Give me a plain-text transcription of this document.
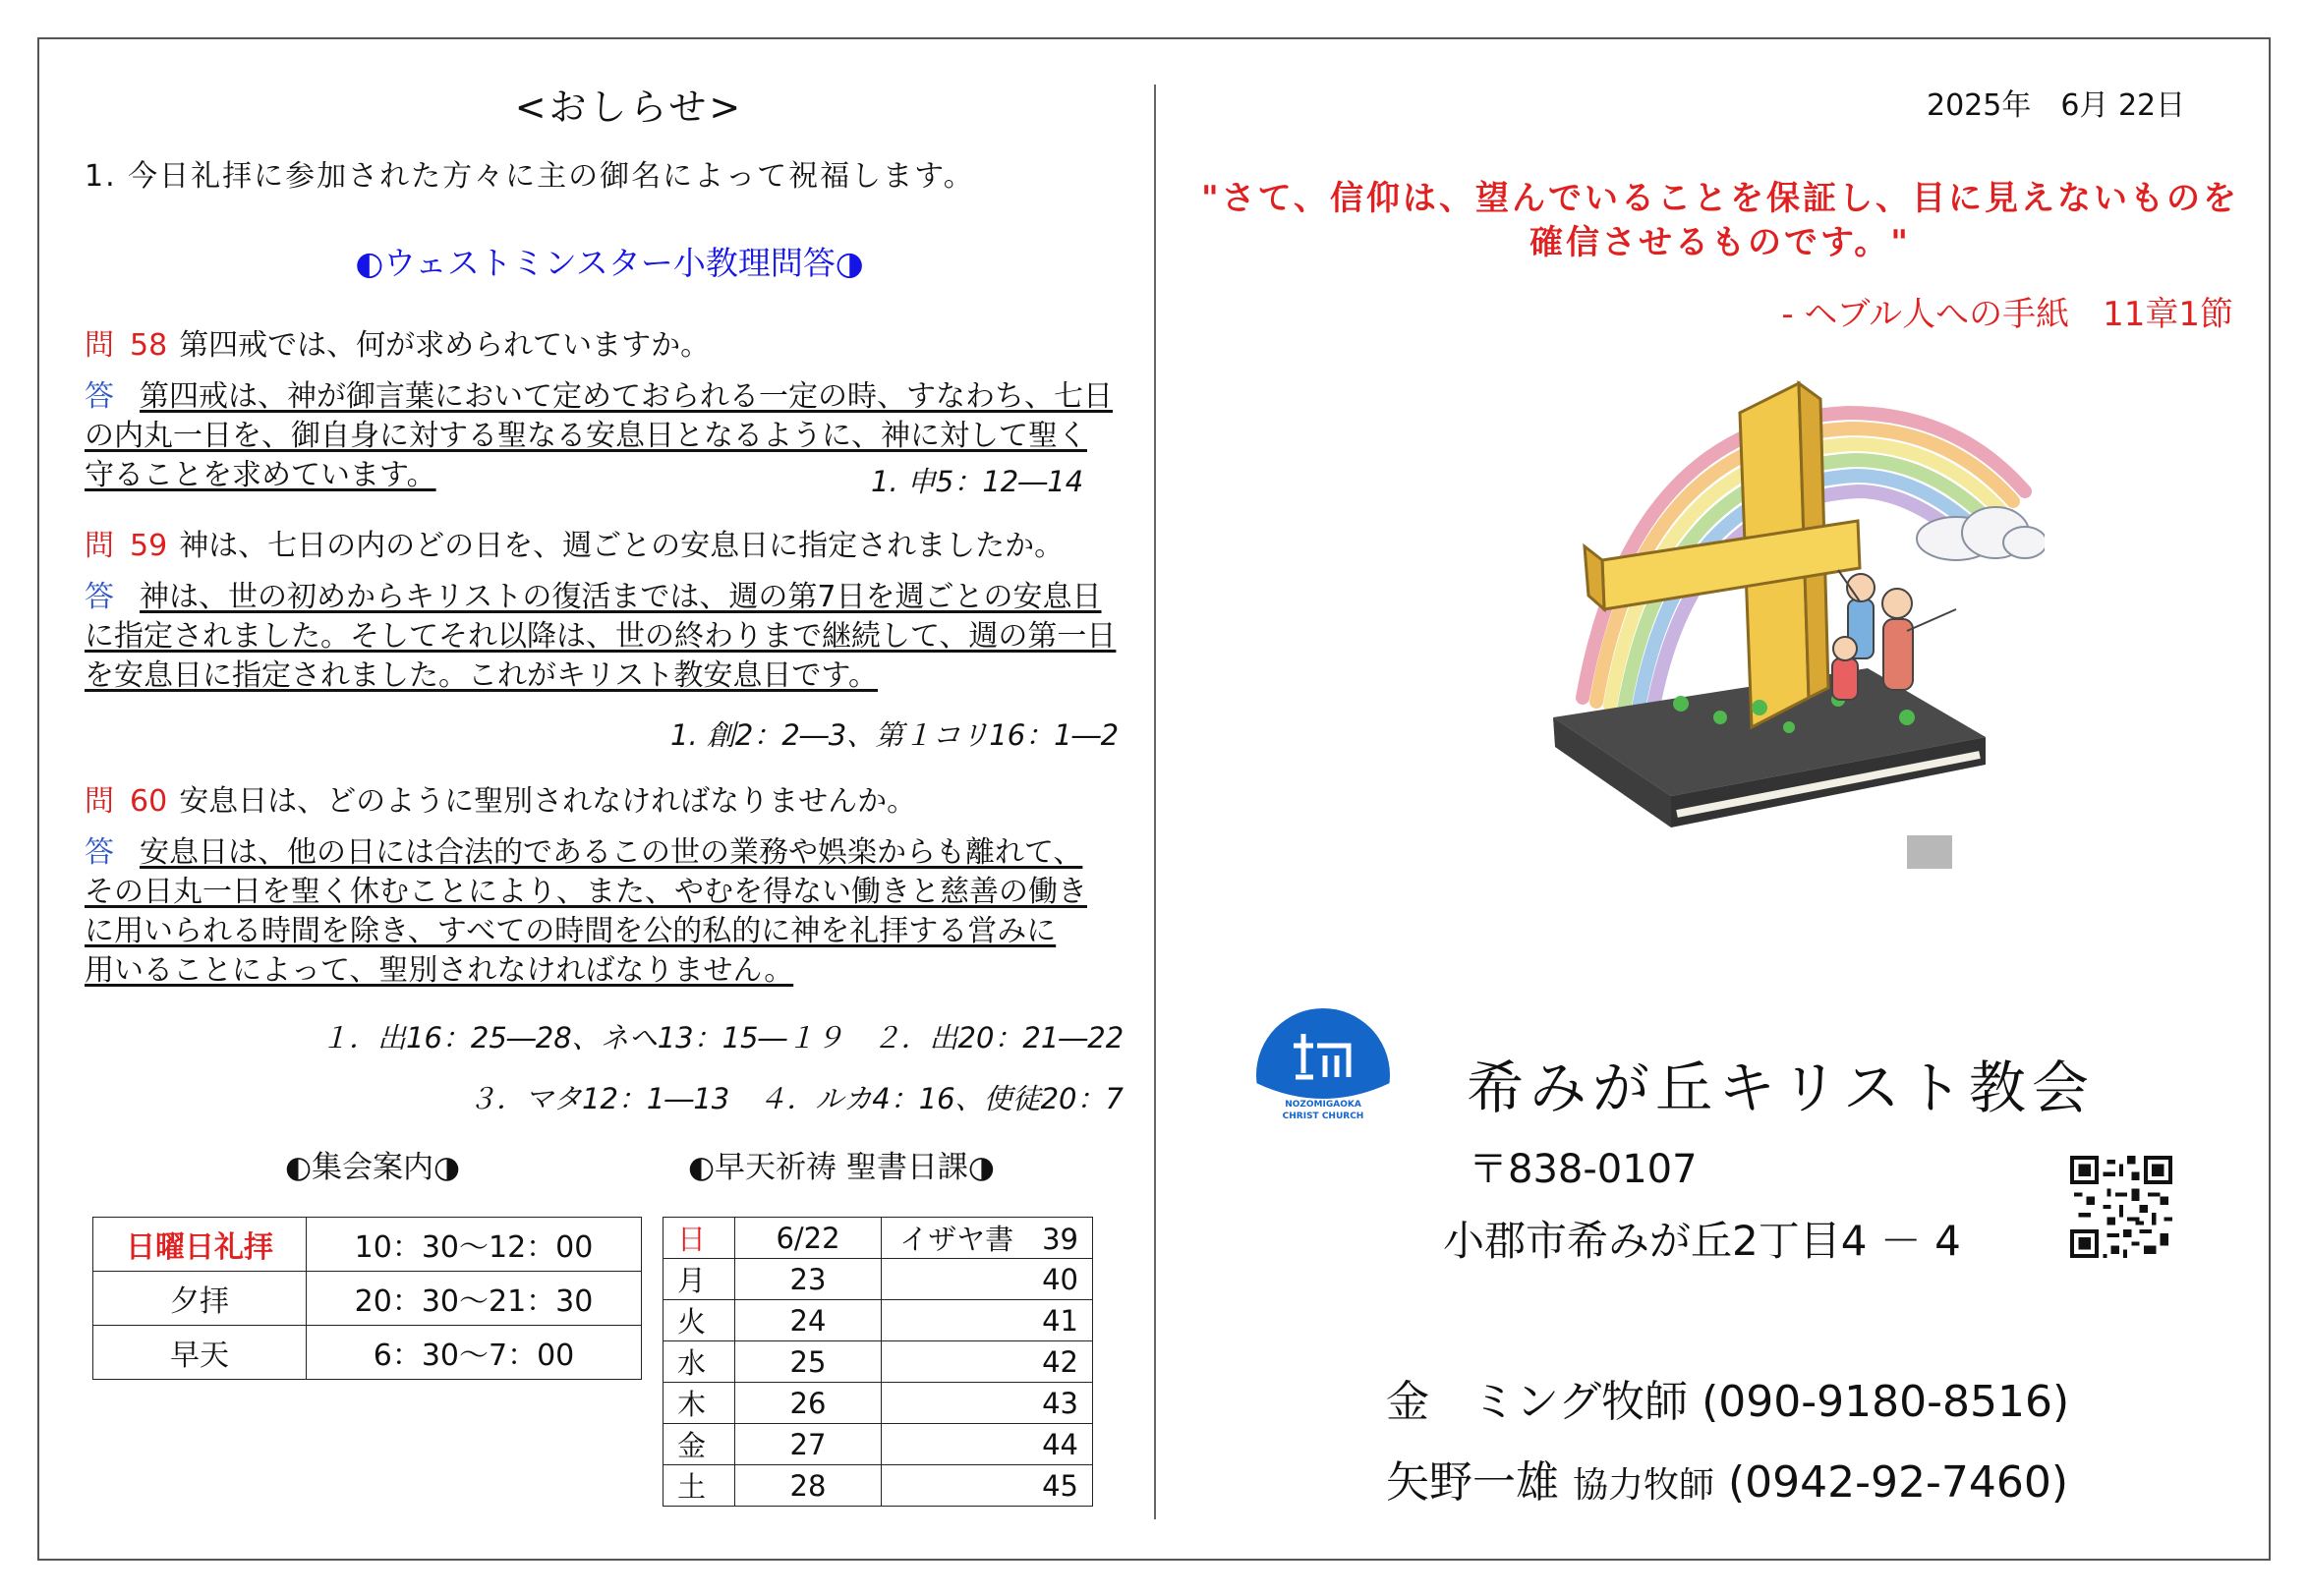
<おしらせ>
1. 今日礼拝に参加された方々に主の御名によって祝福します。
◐ウェストミンスター小教理問答◑
問 58 第四戒では、何が求められていますか。
答 第四戒は、神が御言葉において定めておられる一定の時、すなわち、七日
の内丸一日を、御自身に対する聖なる安息日となるように、神に対して聖く
守ることを求めています。	1. 申5：12―14
問 59 神は、七日の内のどの日を、週ごとの安息日に指定されましたか。
答 神は、世の初めからキリストの復活までは、週の第7日を週ごとの安息日
に指定されました。そしてそれ以降は、世の終わりまで継続して、週の第一日
を安息日に指定されました。これがキリスト教安息日です。
1. 創2：2―3、第１コリ16：1―2
問 60 安息日は、どのように聖別されなければなりませんか。
答 安息日は、他の日には合法的であるこの世の業務や娯楽からも離れて、
その日丸一日を聖く休むことにより、また、やむを得ない働きと慈善の働き
に用いられる時間を除き、すべての時間を公的私的に神を礼拝する営みに
用いることによって、聖別されなければなりません。
１．出16：25―28、ネヘ13：15―１９　２．出20：21―22
３．マタ12：1―13　４．ルカ4：16、使徒20：7
◐集会案内◑	◐早天祈祷 聖書日課◑
日曜日礼拝	10：30～12：00
夕拝	20：30～21：30
早天	6：30～7：00
日	6/22	イザヤ書　39
月	23	40
火	24	41
水	25	42
木	26	43
金	27	44
土	28	45
2025年　6月 22日
"さて、信仰は、望んでいることを保証し、目に見えないものを
確信させるものです。"
- ヘブル人への手紙　11章1節
NOZOMIGAOKA
CHRIST CHURCH 希みが丘キリスト教会
〒838-0107
小郡市希みが丘2丁目4 － 4
金　ミング牧師 (090-9180-8516)
矢野一雄 協力牧師 (0942-92-7460)
